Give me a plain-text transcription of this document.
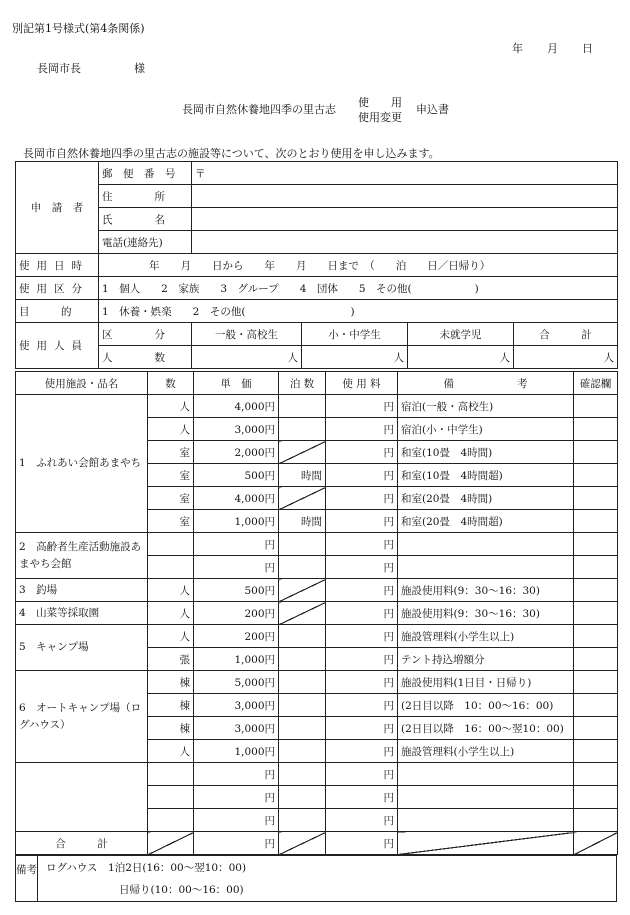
別記第1号様式(第4条関係)
年 月 日
長岡市長	様
長岡市自然休養地四季の里古志
使　　用
使用変更
申込書
長岡市自然休養地四季の里古志の施設等について、次のとおり使用を申し込みます。
申　請　者	郵　便　番　号	〒			
	住　　　　所				
	氏　　　　名				
	電話(連絡先)				
使用日時	年　　月　　日から　　年　　月　　日まで　（　　泊　　日／日帰り）				
使用区分	1　個人　　2　家族　　3　グループ　　4　団体　　5　その他(　　　　　　)				
目　　　的	1　休養・娯楽　　2　その他(　　　　　　　　　　)				
使用人員	区　　　　分	一般・高校生	小・中学生	未就学児	合　　　計
	人　　　　数	人	人	人	人
使用施設・品名	数	単　価	泊 数	使 用 料	備　　　　　　考	確認欄
1　ふれあい会館あまやち	人	4,000円		円	宿泊(一般・高校生)	
	人	3,000円		円	宿泊(小・中学生)	
	室	2,000円		円	和室(10畳　4時間)	
	室	500円	時間	円	和室(10畳　4時間超)	
	室	4,000円		円	和室(20畳　4時間)	
	室	1,000円	時間	円	和室(20畳　4時間超)	
2　高齢者生産活動施設あまやち会館		円		円		
		円		円		
3　釣場	人	500円		円	施設使用料(9：30〜16：30)	
4　山菜等採取園	人	200円		円	施設使用料(9：30〜16：30)	
5　キャンプ場	人	200円		円	施設管理料(小学生以上)	
	張	1,000円		円	テント持込増額分	
6　オートキャンプ場（ログハウス）	棟	5,000円		円	施設使用料(1日目・日帰り)	
	棟	3,000円		円	(2日目以降　10：00〜16：00)	
	棟	3,000円		円	(2日目以降　16：00〜翌10：00)	
	人	1,000円		円	施設管理料(小学生以上)	
		円		円		
		円		円		
		円		円		
合　　　計		円		円		
備考 ログハウス　1泊2日(16：00〜翌10：00)
日帰り(10：00〜16：00)
